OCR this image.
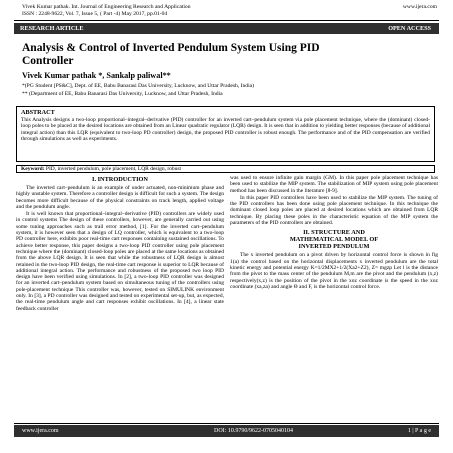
Vivek Kumar pathak. Int. Journal of Engineering Research and Application
ISSN : 2248-9622, Vol. 7, Issue 5, ( Part -4) May 2017, pp.01-04
www.ijera.com
RESEARCH ARTICLE	OPEN ACCESS
Analysis & Control of Inverted Pendulum System Using PID
Controller
Vivek Kumar pathak *, Sankalp paliwal**
*(PG Student [PS&C], Dept. of EE, Babu Banarasi Das University, Lucknow, and Uttar Pradesh, India)
** (Department of EE, Babu Banarasi Das University, Lucknow, and Uttar Pradesh, India
ABSTRACT
This Analysis designs a two-loop proportional–integral–derivative (PID) controller for an inverted cart–pendulum system via pole placement technique, where the (dominant) closed-loop poles to be placed at the desired locations are obtained from an Linear quadratic regulator (LQR) design. It is seen that in addition to yielding better responses (because of additional integral action) than this LQR (equivalent to two-loop PD controller) design, the proposed PID controller is robust enough. The performance and of the PID compensation are verified through simulations as well as experiments.
Keyword: PID, inverted pendulum, pole placement, LQR design, robust
I. INTRODUCTION

The inverted cart–pendulum is an example of under actuated, non-minimum phase and highly unstable system. Therefore a controller design is difficult for such a system. The design becomes more difficult because of the physical constraints on track length, applied voltage and the pendulum angle.

It is well known that proportional–integral–derivative (PID) controllers are widely used in control systems The design of these controllers, however, are generally carried out using some tuning approaches such as trail error method, [1]. For the inverted cart–pendulum system, it is however seen that a design of LQ controller, which is equivalent to a two-loop PD controller here, exhibits poor real-time cart responses containing sustained oscillations. To achieve better response, this paper designs a two-loop PID controller using pole placement technique where the (dominant) closed-loop poles are placed at the same locations as obtained from the above LQR design. It is seen that while the robustness of LQR design is almost retained in the two-loop PID design, the real-time cart response is superior to LQR because of additional integral action. The performance and robustness of the proposed two loop PID design have been verified using simulations. In [2], a two-loop PID controller was designed for an inverted cart–pendulum system based on simultaneous tuning of the controllers using pole-placement technique This controller was, however, tested on SIMULINK environment only. In [3], a PD controller was designed and tested on experimental set-up, but, as expected, the real-time pendulum angle and cart responses exhibit oscillations. In [4], a linear state feedback controller

was used to ensure infinite gain margin (GM). In this paper pole placement technique has been used to stabilize the MIP system. The stabilization of MIP system using pole placement method has been discussed in the literature [8-9].

In this paper PID controllers have been used to stabilize the MIP system. The tuning of the PID controllers has been done using pole placement technique. In this technique the dominant closed loop poles are placed at desired locations which are obtained from LQR technique. By placing these poles in the characteristic equation of the MIP system the parameters of the PID controllers are obtained.

II. STRUCTURE AND
MATHEMATICAL MODEL OF
INVERTED PENDULUM

The x inverted pendulum on a pivot driven by horizontal control force is shown in fig 1(a) the control based on the horizontal displacements x inverted pendulum are the total kinetic energy and potential energy K=1/2MX2+1/2(Xa2+Z2), Z= mgzp Let l is the distance from the pivot to the mass center of the pendulum M,m are the pivot and the pendulum (x,z) respectively(x,z) is the position of the pivot in the xoz coordinate is the speed in the xoz coordinate (xa,za) and angle Θ and F, is the horizontal control force.

www.ijera.com	DOI: 10.9790/9622-0705040104	1 | P a g e
